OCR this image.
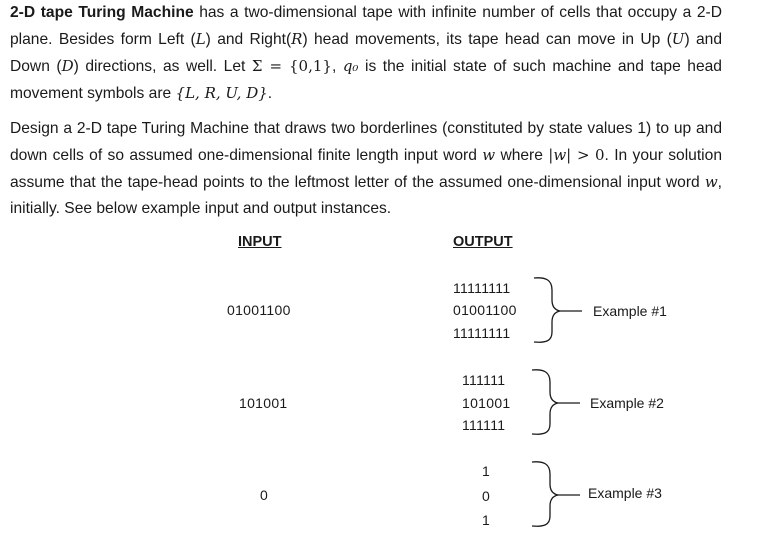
2-D tape Turing Machine has a two-dimensional tape with infinite number of cells that occupy a 2-D plane. Besides form Left (L) and Right(R) head movements, its tape head can move in Up (U) and Down (D) directions, as well. Let Σ = {0,1}, q₀ is the initial state of such machine and tape head movement symbols are {L, R, U, D}.
Design a 2-D tape Turing Machine that draws two borderlines (constituted by state values 1) to up and down cells of so assumed one-dimensional finite length input word w where |w| > 0. In your solution assume that the tape-head points to the leftmost letter of the assumed one-dimensional input word w, initially. See below example input and output instances.
INPUT	OUTPUT
01001100
11111111
01001100
11111111
Example #1
101001
111111
101001
111111
Example #2
0
1
0
1
Example #3
